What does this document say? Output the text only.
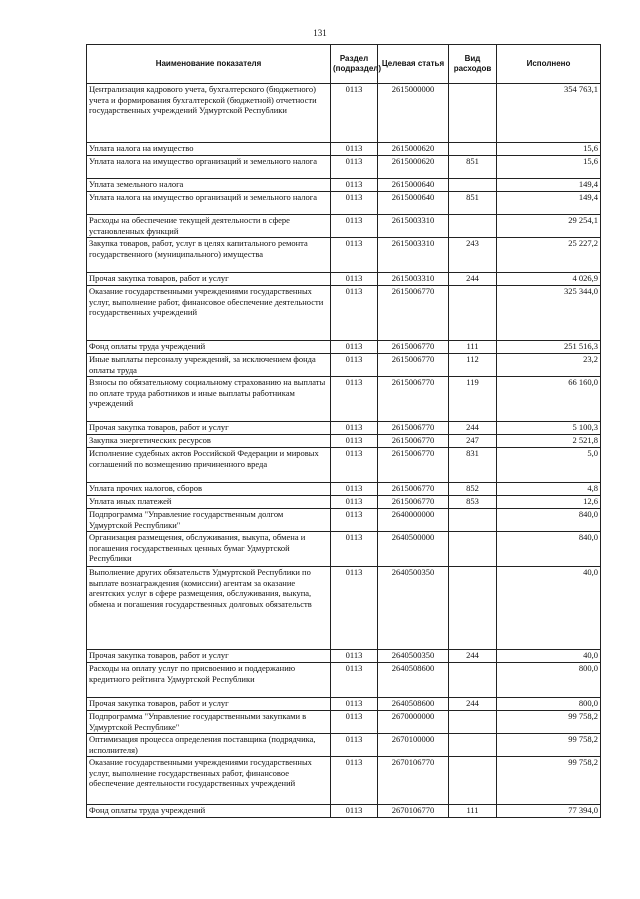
131
Наименование показателя	Раздел (подраздел)	Целевая статья	Вид расходов	Исполнено
Централизация кадрового учета, бухгалтерского (бюджетного) учета и формирования бухгалтерской (бюджетной) отчетности государственных учреждений Удмуртской Республики	0113	2615000000		354 763,1
Уплата налога на имущество	0113	2615000620		15,6
Уплата налога на имущество организаций и земельного налога	0113	2615000620	851	15,6
Уплата земельного налога	0113	2615000640		149,4
Уплата налога на имущество организаций и земельного налога	0113	2615000640	851	149,4
Расходы на обеспечение текущей деятельности в сфере установленных функций	0113	2615003310		29 254,1
Закупка товаров, работ, услуг в целях капитального ремонта государственного (муниципального) имущества	0113	2615003310	243	25 227,2
Прочая закупка товаров, работ и услуг	0113	2615003310	244	4 026,9
Оказание государственными учреждениями государственных услуг, выполнение работ, финансовое обеспечение деятельности государственных учреждений	0113	2615006770		325 344,0
Фонд оплаты труда учреждений	0113	2615006770	111	251 516,3
Иные выплаты персоналу учреждений, за исключением фонда оплаты труда	0113	2615006770	112	23,2
Взносы по обязательному социальному страхованию на выплаты по оплате труда работников и иные выплаты работникам учреждений	0113	2615006770	119	66 160,0
Прочая закупка товаров, работ и услуг	0113	2615006770	244	5 100,3
Закупка энергетических ресурсов	0113	2615006770	247	2 521,8
Исполнение судебных актов Российской Федерации и мировых соглашений по возмещению причиненного вреда	0113	2615006770	831	5,0
Уплата прочих налогов, сборов	0113	2615006770	852	4,8
Уплата иных платежей	0113	2615006770	853	12,6
Подпрограмма "Управление государственным долгом Удмуртской Республики"	0113	2640000000		840,0
Организация размещения, обслуживания, выкупа, обмена и погашения государственных ценных бумаг Удмуртской Республики	0113	2640500000		840,0
Выполнение других обязательств Удмуртской Республики по выплате вознаграждения (комиссии) агентам за оказание агентских услуг в сфере размещения, обслуживания, выкупа, обмена и погашения государственных долговых обязательств	0113	2640500350		40,0
Прочая закупка товаров, работ и услуг	0113	2640500350	244	40,0
Расходы на оплату услуг по присвоению и поддержанию кредитного рейтинга Удмуртской Республики	0113	2640508600		800,0
Прочая закупка товаров, работ и услуг	0113	2640508600	244	800,0
Подпрограмма "Управление государственными закупками в Удмуртской Республике"	0113	2670000000		99 758,2
Оптимизация процесса определения поставщика (подрядчика, исполнителя)	0113	2670100000		99 758,2
Оказание государственными учреждениями государственных услуг, выполнение государственных работ, финансовое обеспечение деятельности государственных учреждений	0113	2670106770		99 758,2
Фонд оплаты труда учреждений	0113	2670106770	111	77 394,0
